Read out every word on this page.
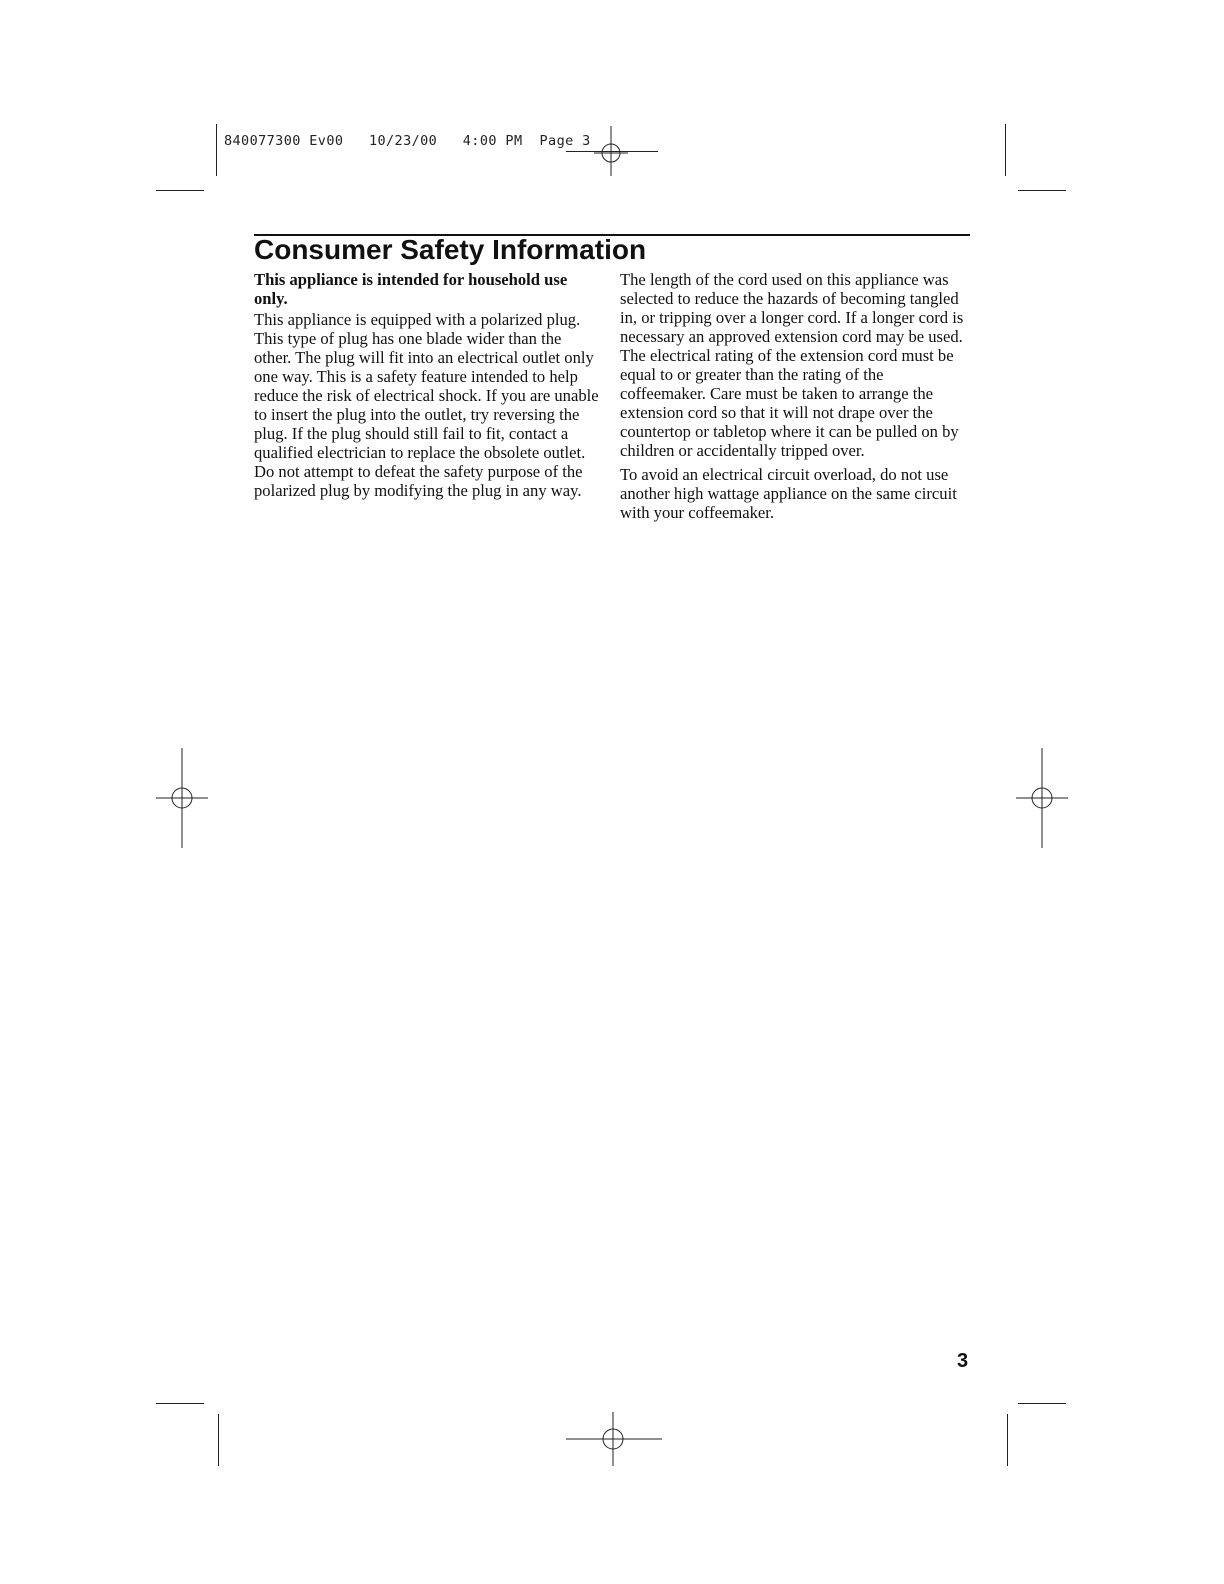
840077300 Ev00   10/23/00   4:00 PM  Page 3
Consumer Safety Information

This appliance is intended for household use only.

This appliance is equipped with a polarized plug. This type of plug has one blade wider than the other. The plug will fit into an electrical outlet only one way. This is a safety feature intended to help reduce the risk of electrical shock. If you are unable to insert the plug into the outlet, try reversing the plug. If the plug should still fail to fit, contact a qualified electrician to replace the obsolete outlet. Do not attempt to defeat the safety purpose of the polarized plug by modifying the plug in any way.

The length of the cord used on this appliance was selected to reduce the hazards of becoming tangled in, or tripping over a longer cord. If a longer cord is necessary an approved extension cord may be used. The electrical rating of the extension cord must be equal to or greater than the rating of the coffeemaker. Care must be taken to arrange the extension cord so that it will not drape over the countertop or tabletop where it can be pulled on by children or accidentally tripped over.

To avoid an electrical circuit overload, do not use another high wattage appliance on the same circuit with your coffeemaker.

3
